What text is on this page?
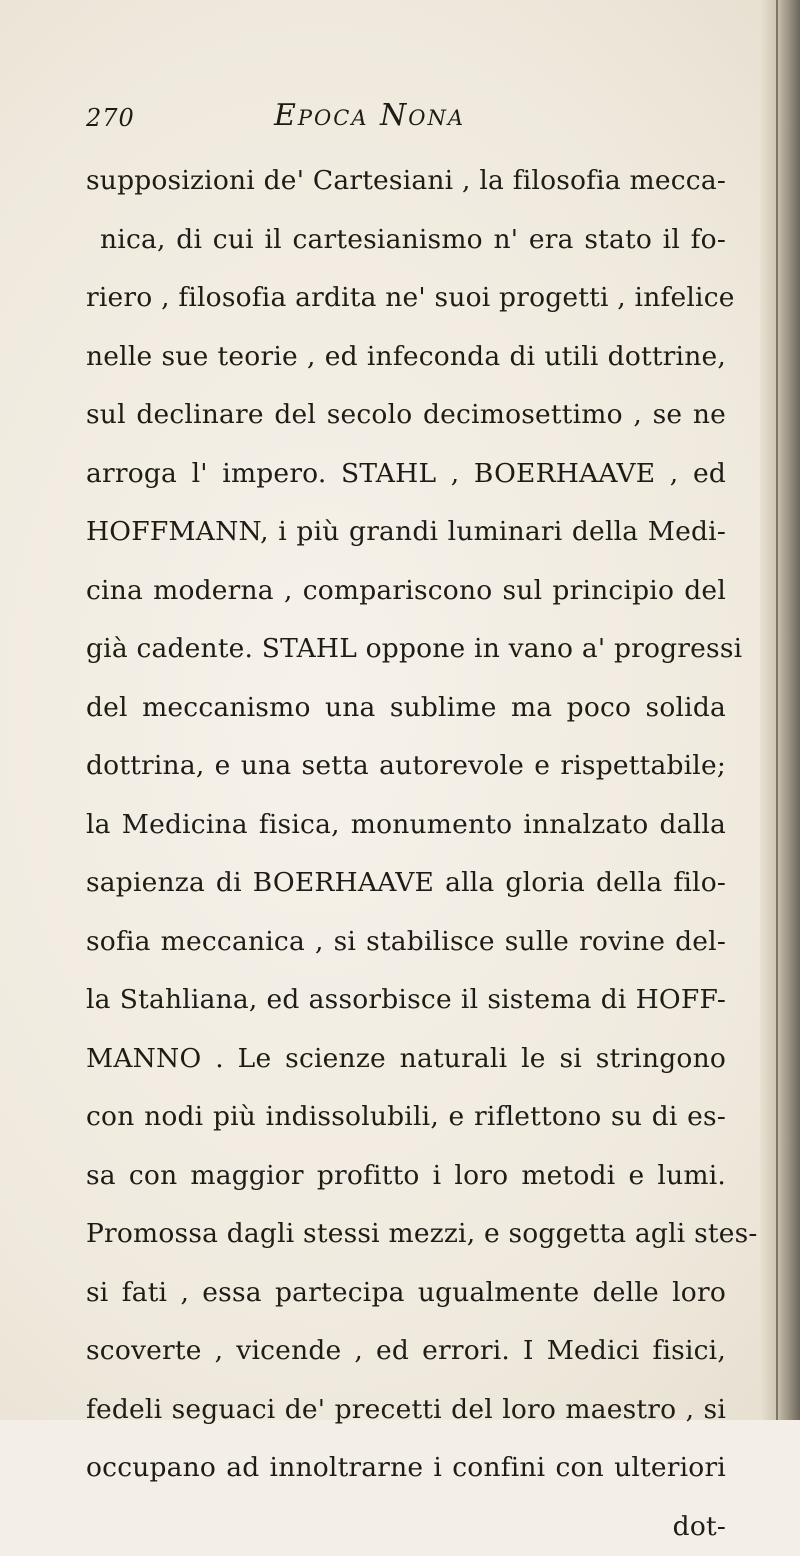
270	Epoca Nona
supposizioni de' Cartesiani , la filosofia mecca-
nica, di cui il cartesianismo n' era stato il fo-
riero , filosofia ardita ne' suoi progetti , infelice
nelle sue teorie , ed infeconda di utili dottrine,
sul declinare del secolo decimosettimo , se ne
arroga l' impero. STAHL , BOERHAAVE , ed
HOFFMANN, i più grandi luminari della Medi-
cina moderna , compariscono sul principio del
già cadente. STAHL oppone in vano a' progressi
del meccanismo una sublime ma poco solida
dottrina, e una setta autorevole e rispettabile;
la Medicina fisica, monumento innalzato dalla
sapienza di BOERHAAVE alla gloria della filo-
sofia meccanica , si stabilisce sulle rovine del-
la Stahliana, ed assorbisce il sistema di HOFF-
MANNO . Le scienze naturali le si stringono
con nodi più indissolubili, e riflettono su di es-
sa con maggior profitto i loro metodi e lumi.
Promossa dagli stessi mezzi, e soggetta agli stes-
si fati , essa partecipa ugualmente delle loro
scoverte , vicende , ed errori. I Medici fisici,
fedeli seguaci de' precetti del loro maestro , si
occupano ad innoltrarne i confini con ulteriori
dot-
